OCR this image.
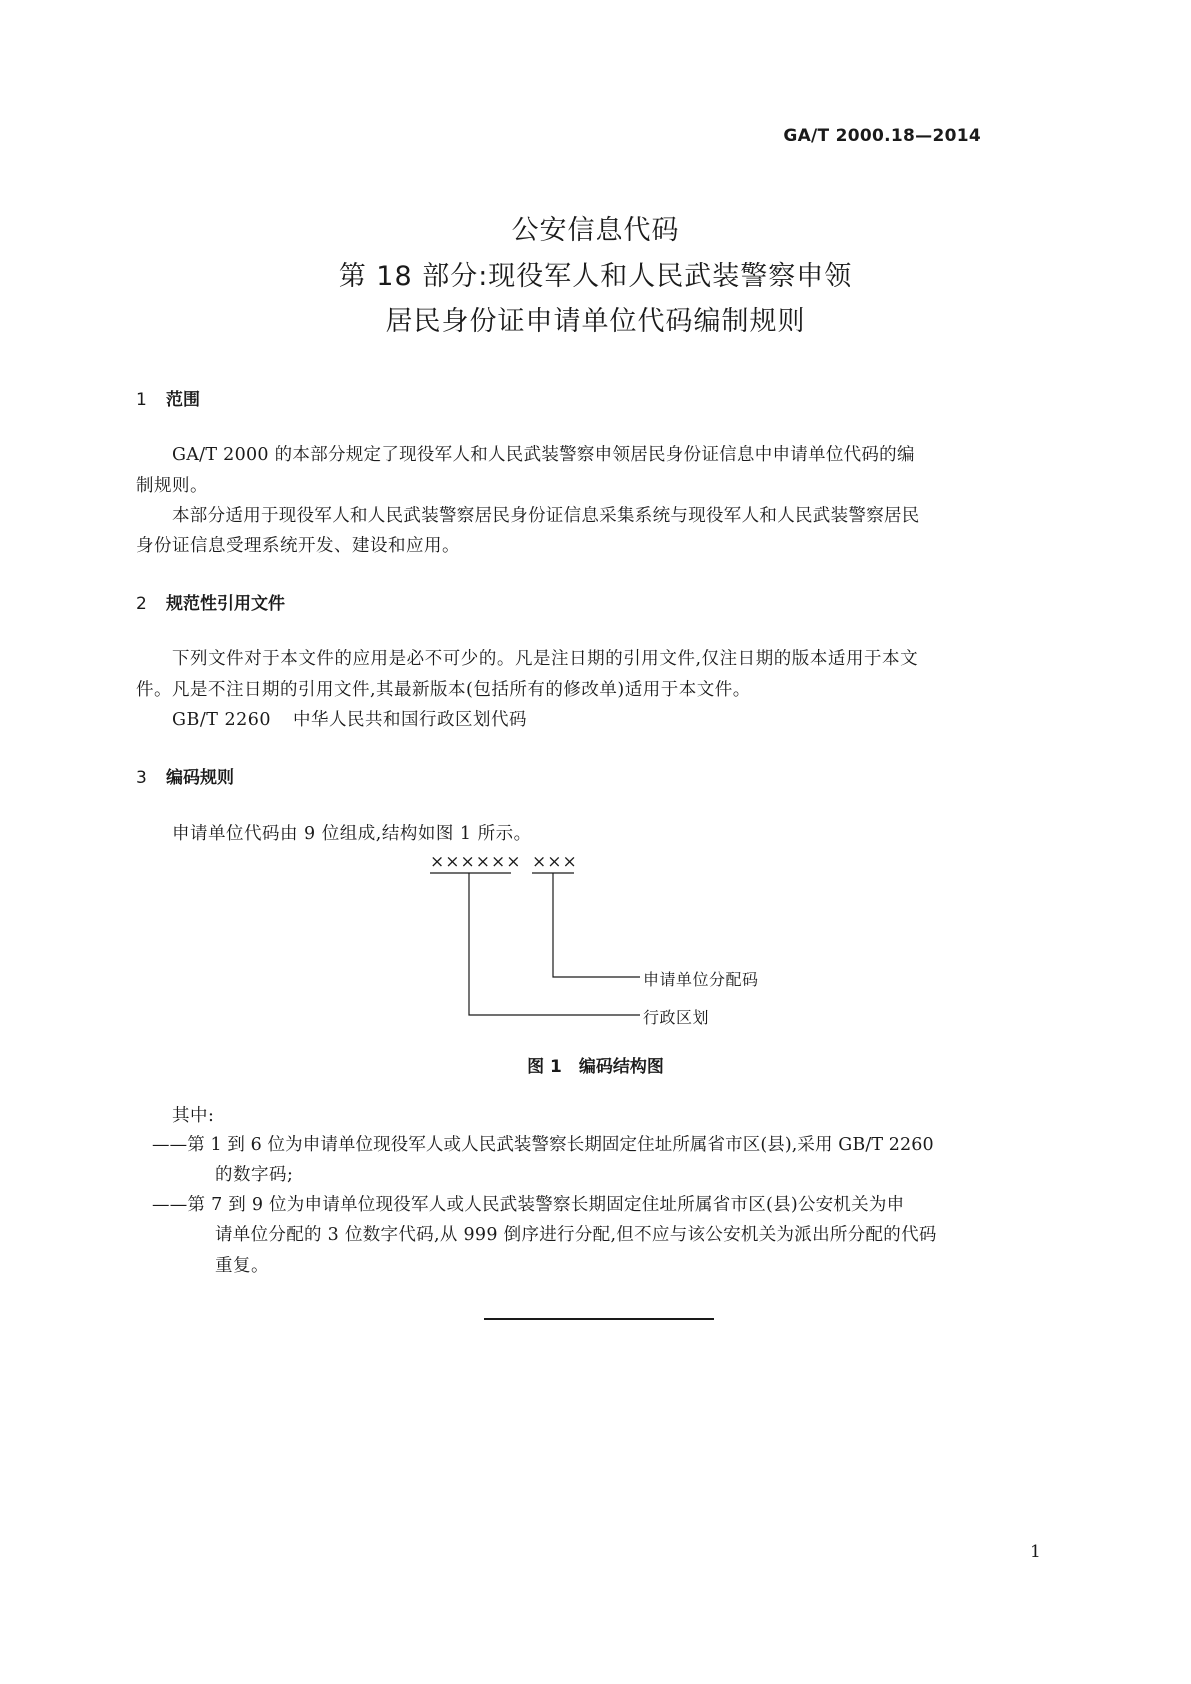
GA/T 2000.18—2014
公安信息代码
第 18 部分:现役军人和人民武装警察申领
居民身份证申请单位代码编制规则
1 范围
GA/T 2000 的本部分规定了现役军人和人民武装警察申领居民身份证信息中申请单位代码的编
制规则。
本部分适用于现役军人和人民武装警察居民身份证信息采集系统与现役军人和人民武装警察居民
身份证信息受理系统开发、建设和应用。
2 规范性引用文件
下列文件对于本文件的应用是必不可少的。凡是注日期的引用文件,仅注日期的版本适用于本文
件。凡是不注日期的引用文件,其最新版本(包括所有的修改单)适用于本文件。
GB/T 2260 中华人民共和国行政区划代码
3 编码规则
申请单位代码由 9 位组成,结构如图 1 所示。
×××××× ×××
申请单位分配码
行政区划
图 1　编码结构图
其中:
——第 1 到 6 位为申请单位现役军人或人民武装警察长期固定住址所属省市区(县),采用 GB/T 2260
的数字码;
——第 7 到 9 位为申请单位现役军人或人民武装警察长期固定住址所属省市区(县)公安机关为申
请单位分配的 3 位数字代码,从 999 倒序进行分配,但不应与该公安机关为派出所分配的代码
重复。
1
